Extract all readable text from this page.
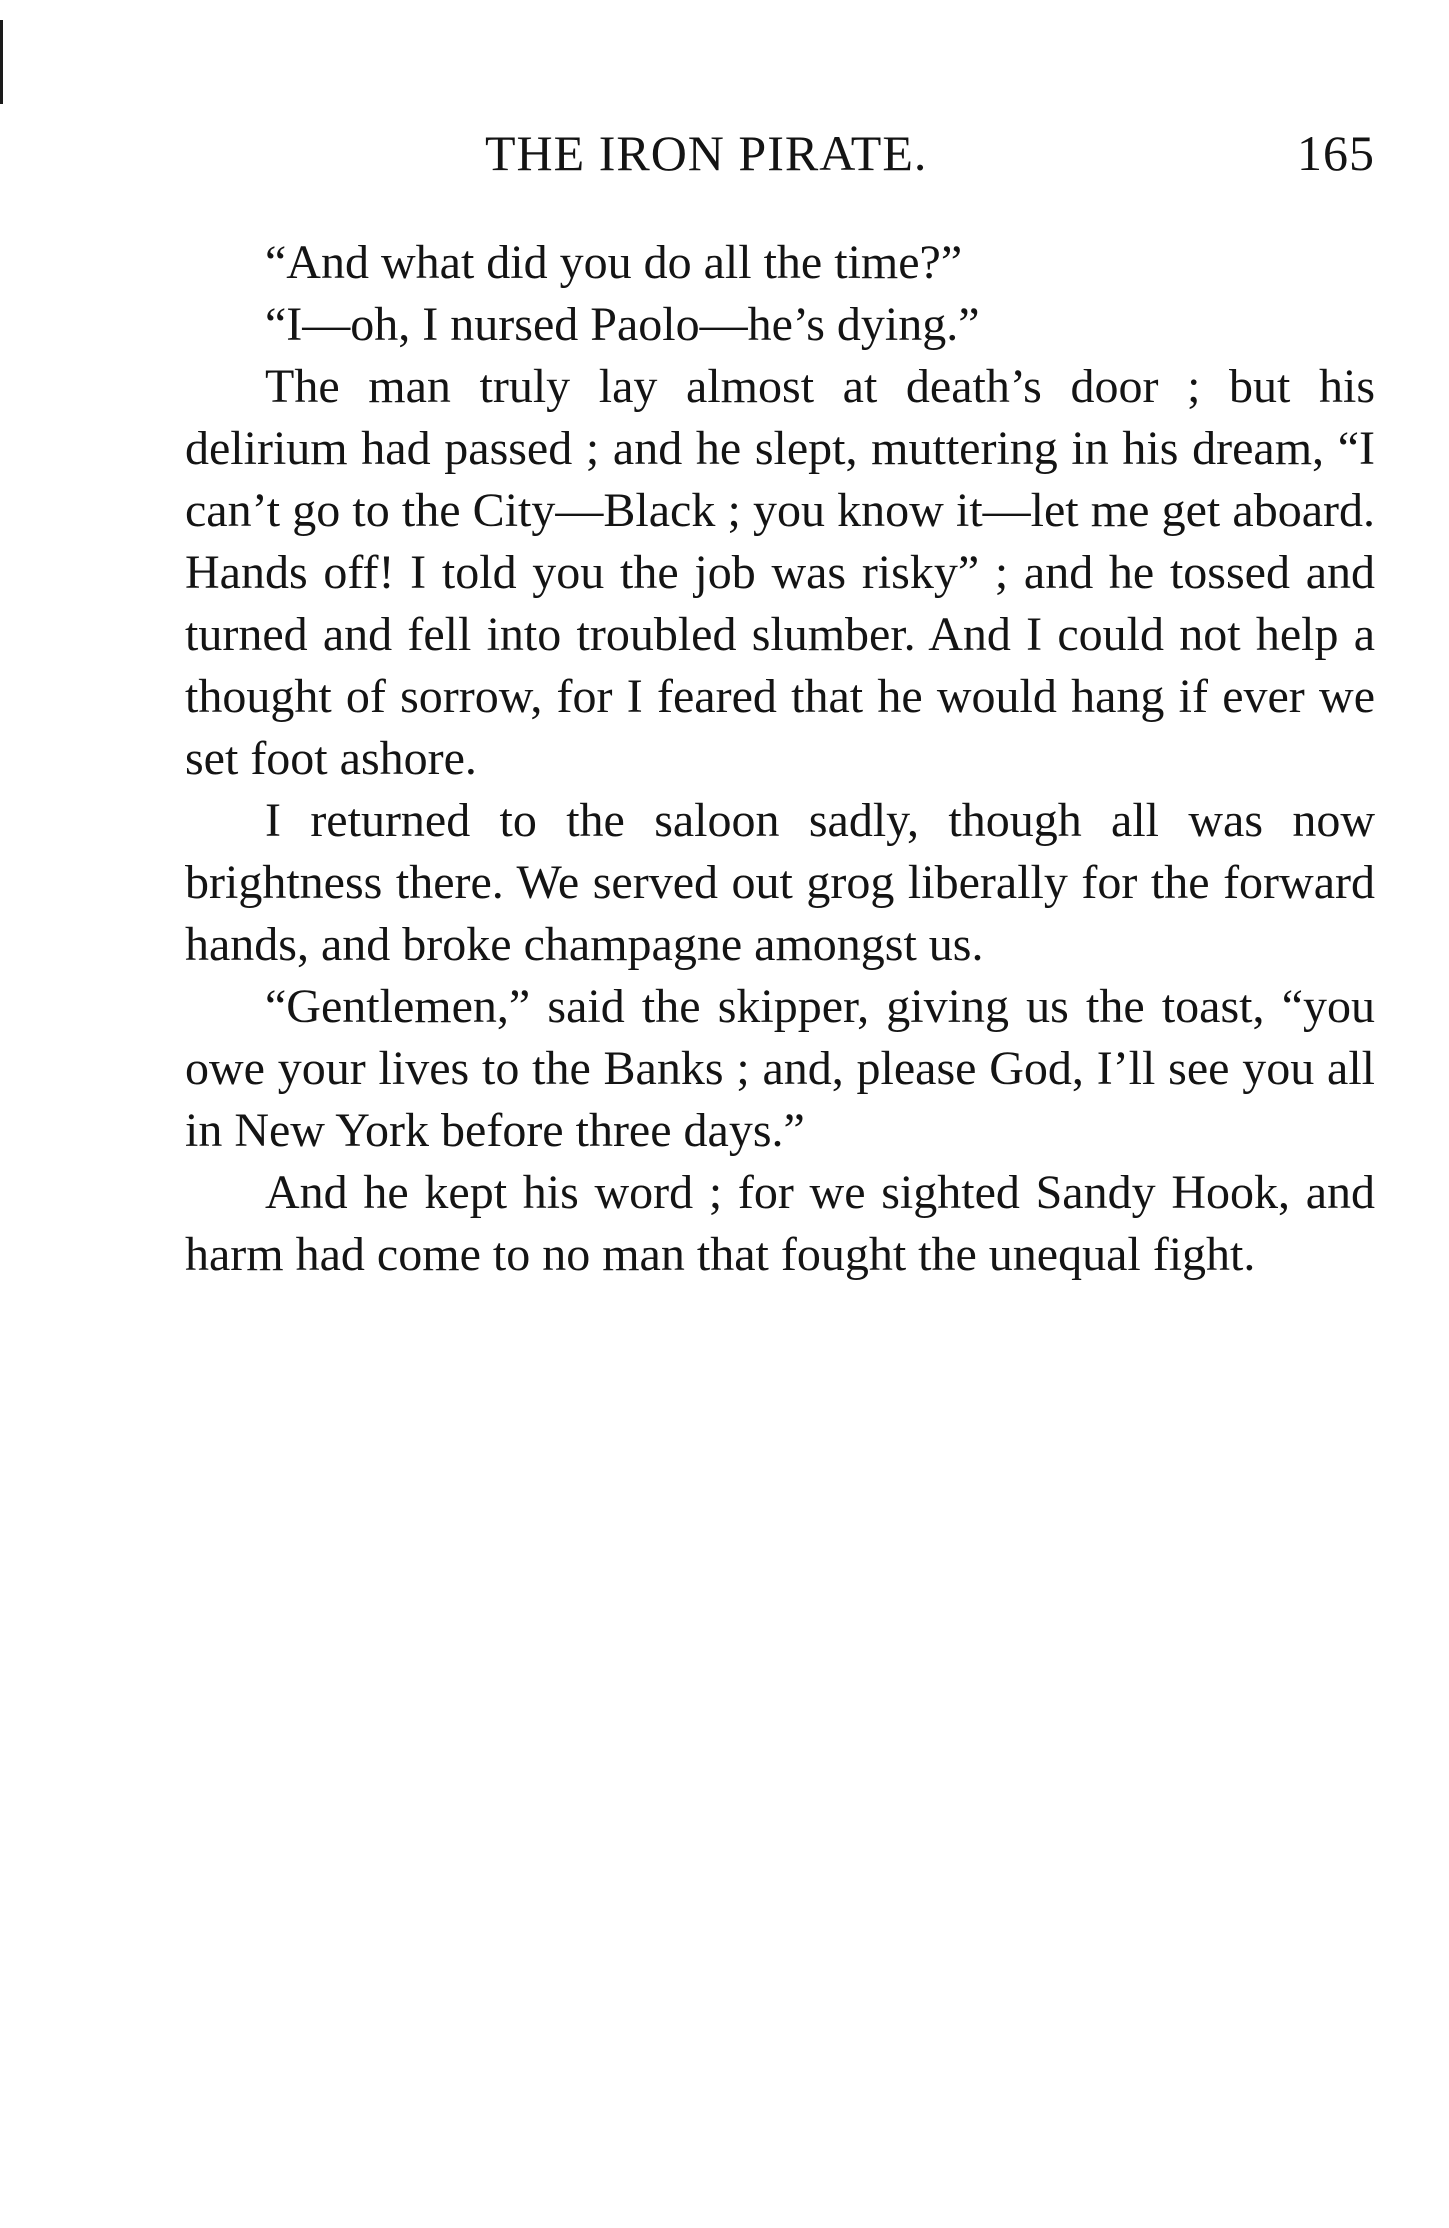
THE IRON PIRATE.	165

“And what did you do all the time?”

“I—oh, I nursed Paolo—he’s dying.”

The man truly lay almost at death’s door ; but his delirium had passed ; and he slept, muttering in his dream, “I can’t go to the City—Black ; you know it—let me get aboard. Hands off! I told you the job was risky” ; and he tossed and turned and fell into troubled slumber. And I could not help a thought of sorrow, for I feared that he would hang if ever we set foot ashore.

I returned to the saloon sadly, though all was now brightness there. We served out grog liberally for the forward hands, and broke champagne amongst us.

“Gentlemen,” said the skipper, giving us the toast, “you owe your lives to the Banks ; and, please God, I’ll see you all in New York before three days.”

And he kept his word ; for we sighted Sandy Hook, and harm had come to no man that fought the unequal fight.
